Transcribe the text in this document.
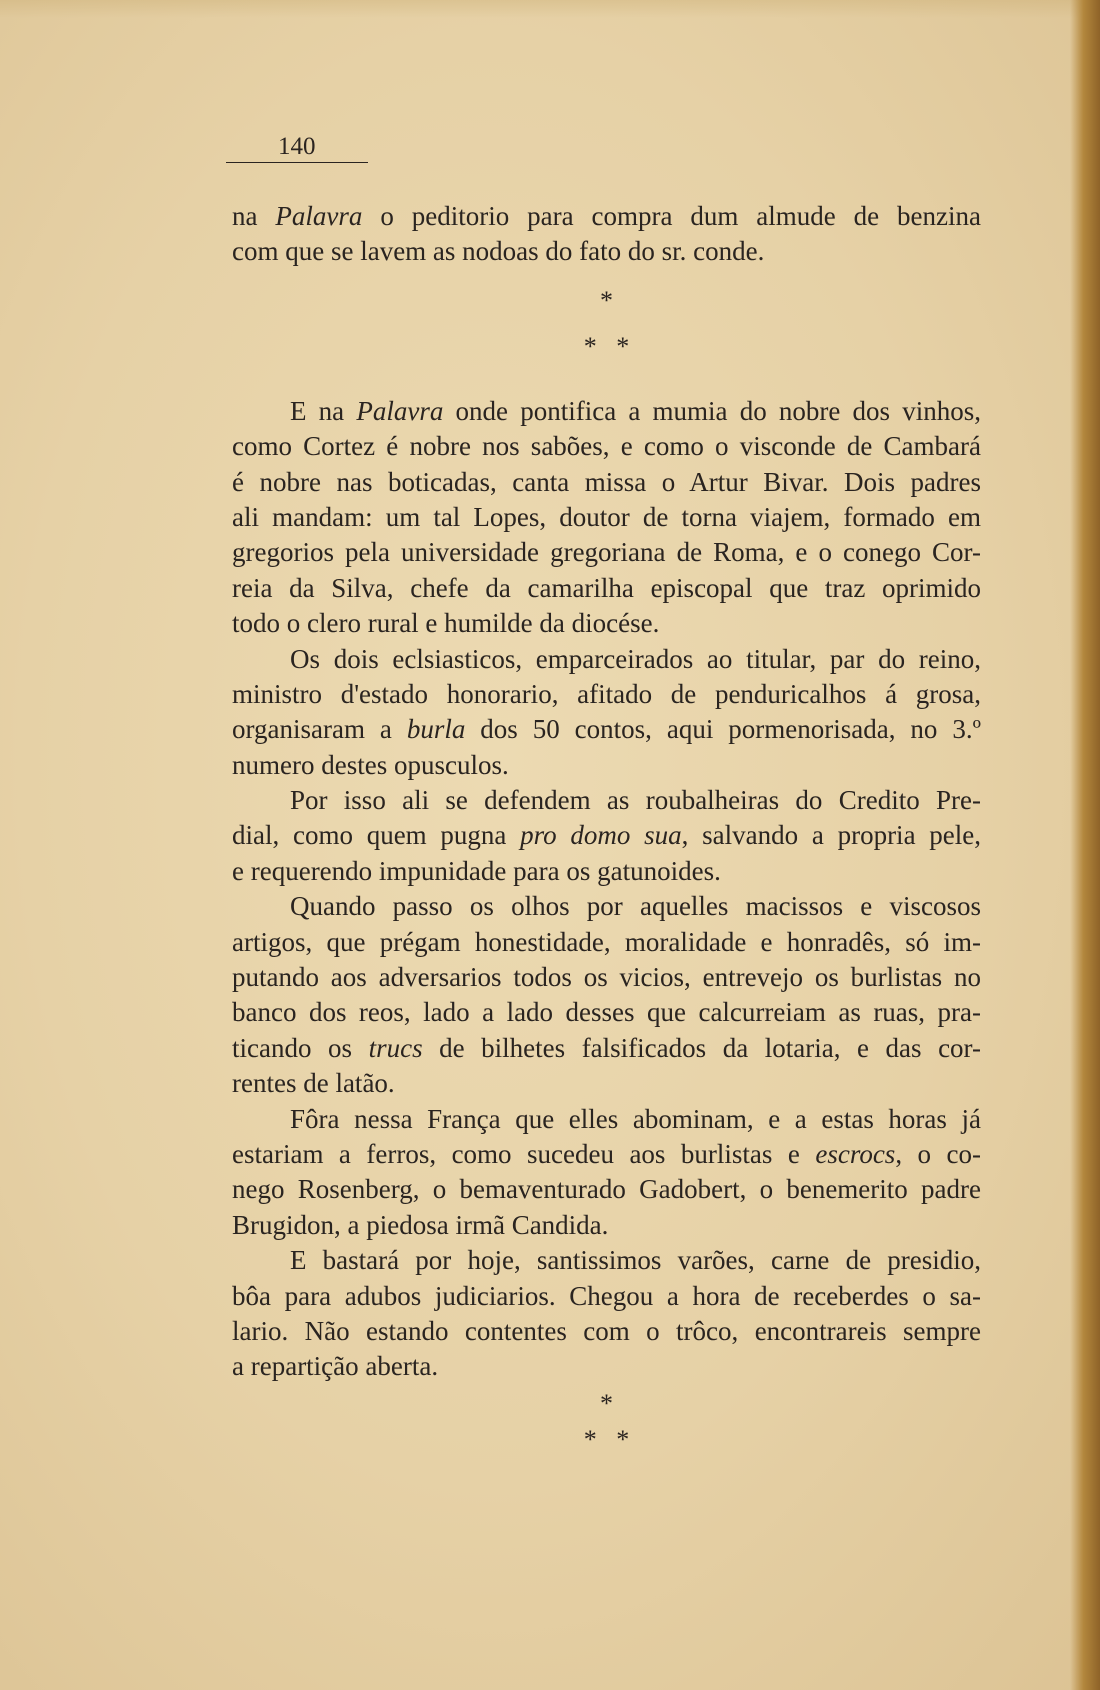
140
na Palavra o peditorio para compra dum almude de benzina
com que se lavem as nodoas do fato do sr. conde.
*
*   *
E na Palavra onde pontifica a mumia do nobre dos vinhos,
como Cortez é nobre nos sabões, e como o visconde de Cambará
é nobre nas boticadas, canta missa o Artur Bivar. Dois padres
ali mandam: um tal Lopes, doutor de torna viajem, formado em
gregorios pela universidade gregoriana de Roma, e o conego Cor-
reia da Silva, chefe da camarilha episcopal que traz oprimido
todo o clero rural e humilde da diocése.
Os dois eclsiasticos, emparceirados ao titular, par do reino,
ministro d'estado honorario, afitado de penduricalhos á grosa,
organisaram a burla dos 50 contos, aqui pormenorisada, no 3.º
numero destes opusculos.
Por isso ali se defendem as roubalheiras do Credito Pre-
dial, como quem pugna pro domo sua, salvando a propria pele,
e requerendo impunidade para os gatunoides.
Quando passo os olhos por aquelles macissos e viscosos
artigos, que prégam honestidade, moralidade e honradês, só im-
putando aos adversarios todos os vicios, entrevejo os burlistas no
banco dos reos, lado a lado desses que calcurreiam as ruas, pra-
ticando os trucs de bilhetes falsificados da lotaria, e das cor-
rentes de latão.
Fôra nessa França que elles abominam, e a estas horas já
estariam a ferros, como sucedeu aos burlistas e escrocs, o co-
nego Rosenberg, o bemaventurado Gadobert, o benemerito padre
Brugidon, a piedosa irmã Candida.
E bastará por hoje, santissimos varões, carne de presidio,
bôa para adubos judiciarios. Chegou a hora de receberdes o sa-
lario. Não estando contentes com o trôco, encontrareis sempre
a repartição aberta.
*
*   *
